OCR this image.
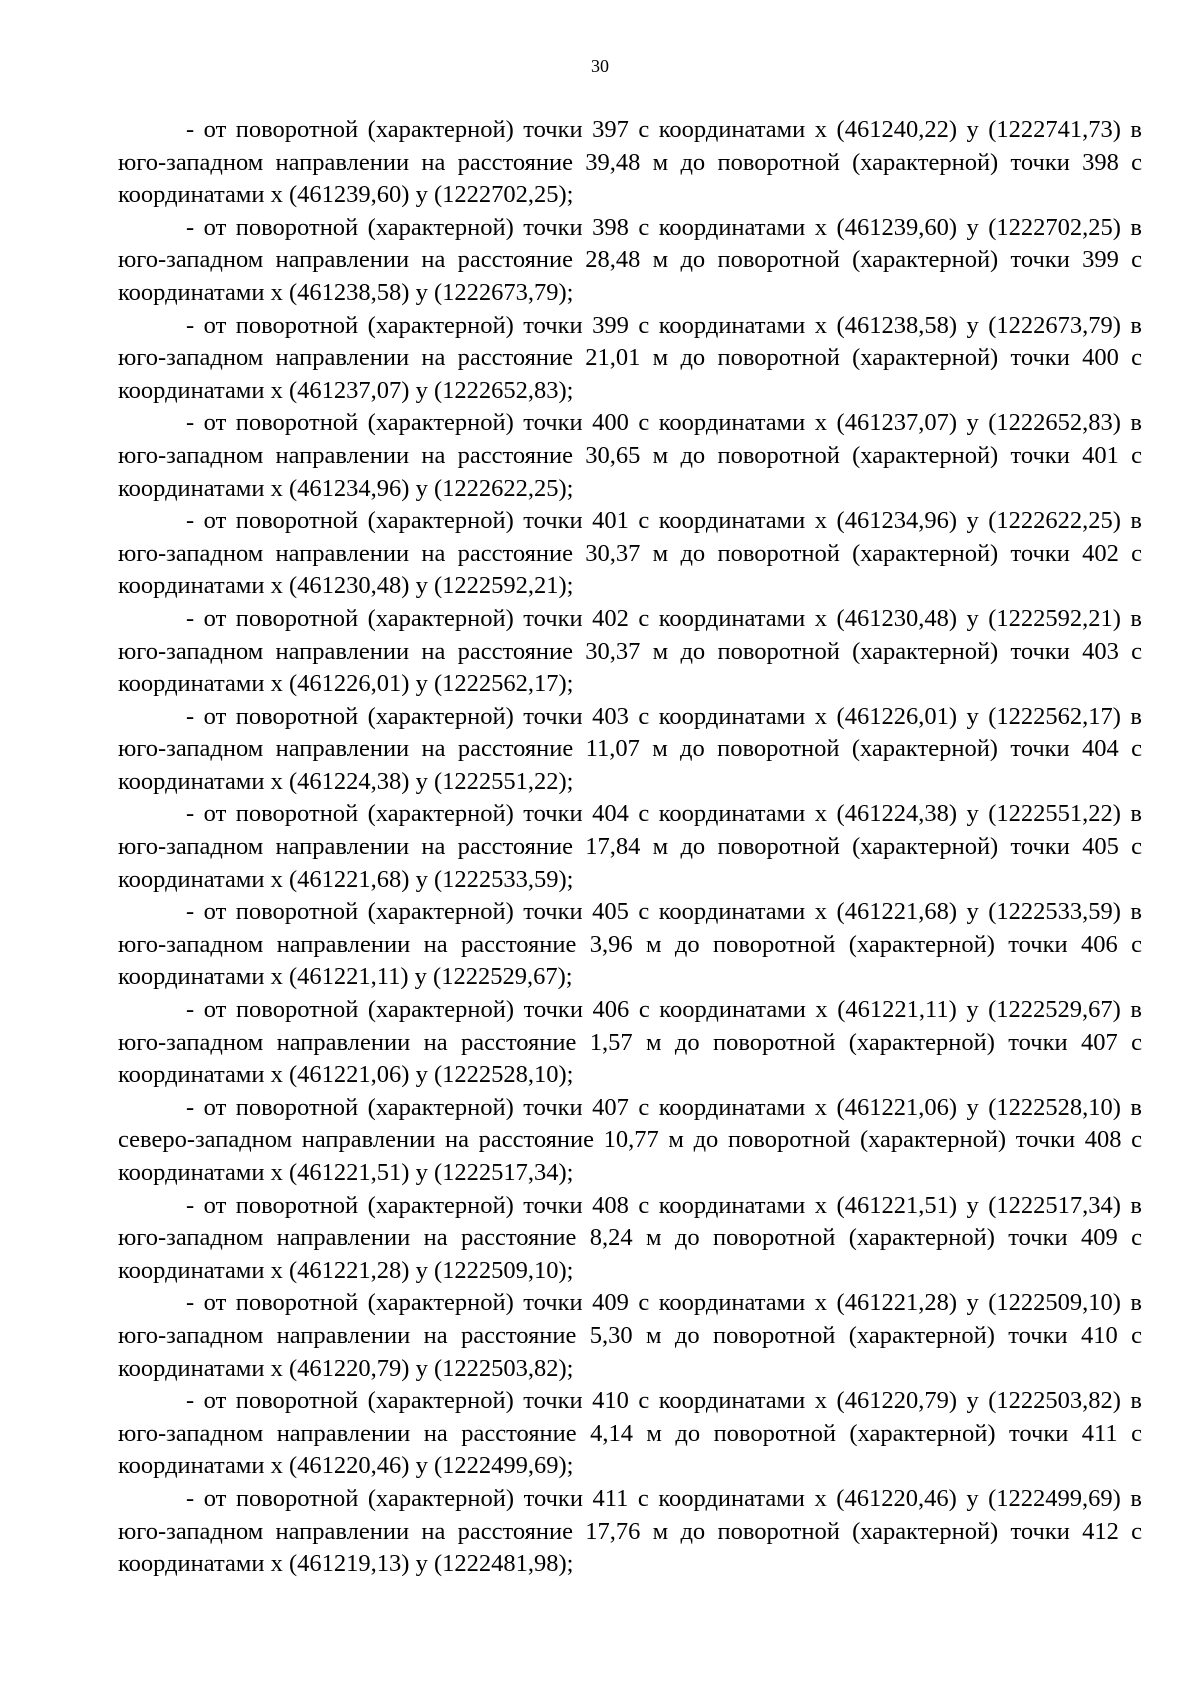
30

- от поворотной (характерной) точки 397 с координатами x (461240,22) y (1222741,73) в юго-западном направлении на расстояние 39,48 м до поворотной (характерной) точки 398 с координатами x (461239,60) y (1222702,25);

- от поворотной (характерной) точки 398 с координатами x (461239,60) y (1222702,25) в юго-западном направлении на расстояние 28,48 м до поворотной (характерной) точки 399 с координатами x (461238,58) y (1222673,79);

- от поворотной (характерной) точки 399 с координатами x (461238,58) y (1222673,79) в юго-западном направлении на расстояние 21,01 м до поворотной (характерной) точки 400 с координатами x (461237,07) y (1222652,83);

- от поворотной (характерной) точки 400 с координатами x (461237,07) y (1222652,83) в юго-западном направлении на расстояние 30,65 м до поворотной (характерной) точки 401 с координатами x (461234,96) y (1222622,25);

- от поворотной (характерной) точки 401 с координатами x (461234,96) y (1222622,25) в юго-западном направлении на расстояние 30,37 м до поворотной (характерной) точки 402 с координатами x (461230,48) y (1222592,21);

- от поворотной (характерной) точки 402 с координатами x (461230,48) y (1222592,21) в юго-западном направлении на расстояние 30,37 м до поворотной (характерной) точки 403 с координатами x (461226,01) y (1222562,17);

- от поворотной (характерной) точки 403 с координатами x (461226,01) y (1222562,17) в юго-западном направлении на расстояние 11,07 м до поворотной (характерной) точки 404 с координатами x (461224,38) y (1222551,22);

- от поворотной (характерной) точки 404 с координатами x (461224,38) y (1222551,22) в юго-западном направлении на расстояние 17,84 м до поворотной (характерной) точки 405 с координатами x (461221,68) y (1222533,59);

- от поворотной (характерной) точки 405 с координатами x (461221,68) y (1222533,59) в юго-западном направлении на расстояние 3,96 м до поворотной (характерной) точки 406 с координатами x (461221,11) y (1222529,67);

- от поворотной (характерной) точки 406 с координатами x (461221,11) y (1222529,67) в юго-западном направлении на расстояние 1,57 м до поворотной (характерной) точки 407 с координатами x (461221,06) y (1222528,10);

- от поворотной (характерной) точки 407 с координатами x (461221,06) y (1222528,10) в северо-западном направлении на расстояние 10,77 м до поворотной (характерной) точки 408 с координатами x (461221,51) y (1222517,34);

- от поворотной (характерной) точки 408 с координатами x (461221,51) y (1222517,34) в юго-западном направлении на расстояние 8,24 м до поворотной (характерной) точки 409 с координатами x (461221,28) y (1222509,10);

- от поворотной (характерной) точки 409 с координатами x (461221,28) y (1222509,10) в юго-западном направлении на расстояние 5,30 м до поворотной (характерной) точки 410 с координатами x (461220,79) y (1222503,82);

- от поворотной (характерной) точки 410 с координатами x (461220,79) y (1222503,82) в юго-западном направлении на расстояние 4,14 м до поворотной (характерной) точки 411 с координатами x (461220,46) y (1222499,69);

- от поворотной (характерной) точки 411 с координатами x (461220,46) y (1222499,69) в юго-западном направлении на расстояние 17,76 м до поворотной (характерной) точки 412 с координатами x (461219,13) y (1222481,98);
